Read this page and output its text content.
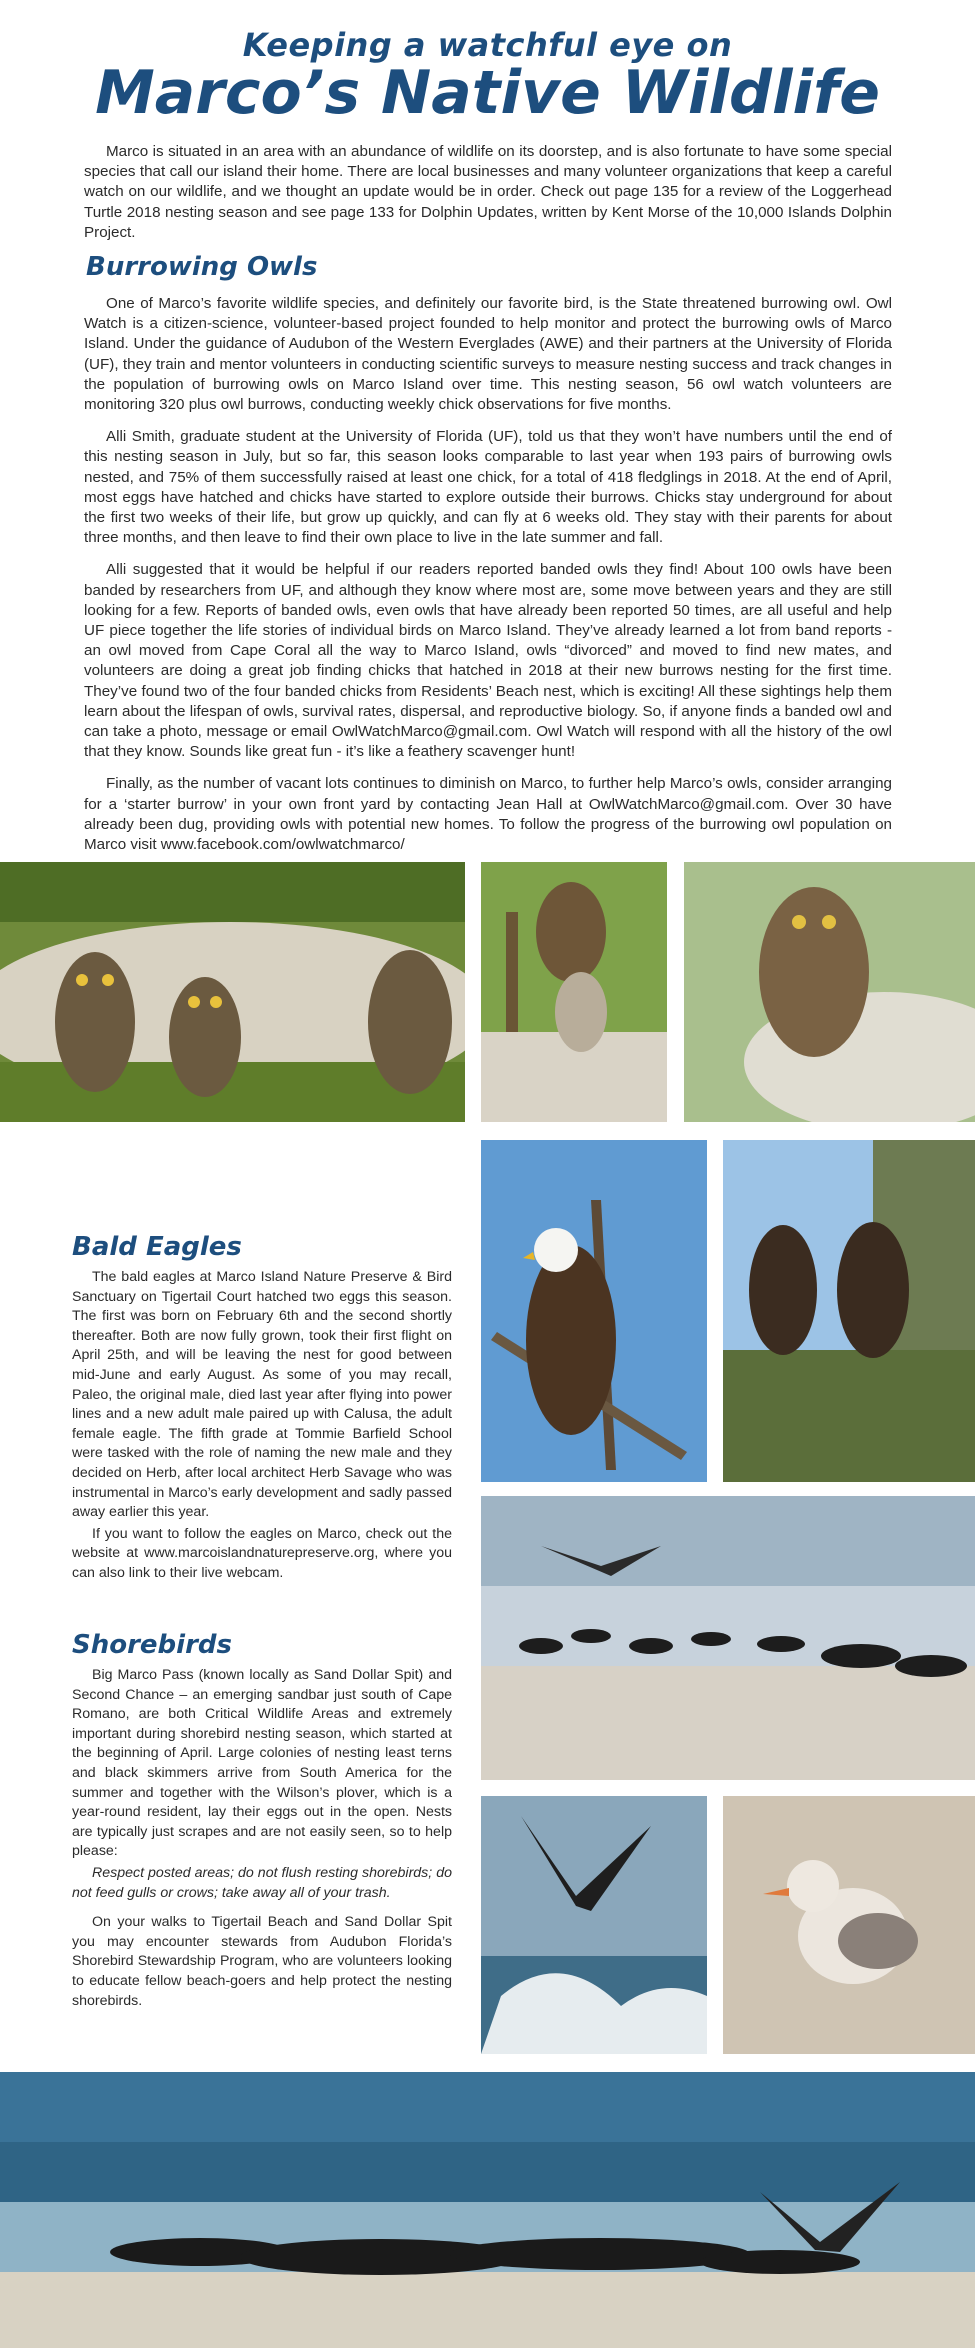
Keeping a watchful eye on
Marco’s Native Wildlife

Marco is situated in an area with an abundance of wildlife on its doorstep, and is also fortunate to have some special species that call our island their home. There are local businesses and many volunteer organizations that keep a careful watch on our wildlife, and we thought an update would be in order. Check out page 135 for a review of the Loggerhead Turtle 2018 nesting season and see page 133 for Dolphin Updates, written by Kent Morse of the 10,000 Islands Dolphin Project.

Burrowing Owls

One of Marco’s favorite wildlife species, and definitely our favorite bird, is the State threatened burrowing owl. Owl Watch is a citizen-science, volunteer-based project founded to help monitor and protect the burrowing owls of Marco Island. Under the guidance of Audubon of the Western Everglades (AWE) and their partners at the University of Florida (UF), they train and mentor volunteers in conducting scientific surveys to measure nesting success and track changes in the population of burrowing owls on Marco Island over time. This nesting season, 56 owl watch volunteers are monitoring 320 plus owl burrows, conducting weekly chick observations for five months.

Alli Smith, graduate student at the University of Florida (UF), told us that they won’t have numbers until the end of this nesting season in July, but so far, this season looks comparable to last year when 193 pairs of burrowing owls nested, and 75% of them successfully raised at least one chick, for a total of 418 fledglings in 2018. At the end of April, most eggs have hatched and chicks have started to explore outside their burrows. Chicks stay underground for about the first two weeks of their life, but grow up quickly, and can fly at 6 weeks old. They stay with their parents for about three months, and then leave to find their own place to live in the late summer and fall.

Alli suggested that it would be helpful if our readers reported banded owls they find! About 100 owls have been banded by researchers from UF, and although they know where most are, some move between years and they are still looking for a few. Reports of banded owls, even owls that have already been reported 50 times, are all useful and help UF piece together the life stories of individual birds on Marco Island. They’ve already learned a lot from band reports - an owl moved from Cape Coral all the way to Marco Island, owls “divorced” and moved to find new mates, and volunteers are doing a great job finding chicks that hatched in 2018 at their new burrows nesting for the first time. They’ve found two of the four banded chicks from Residents’ Beach nest, which is exciting! All these sightings help them learn about the lifespan of owls, survival rates, dispersal, and reproductive biology. So, if anyone finds a banded owl and can take a photo, message or email OwlWatchMarco@gmail.com. Owl Watch will respond with all the history of the owl that they know. Sounds like great fun - it’s like a feathery scavenger hunt!

Finally, as the number of vacant lots continues to diminish on Marco, to further help Marco’s owls, consider arranging for a ‘starter burrow’ in your own front yard by contacting Jean Hall at OwlWatchMarco@gmail.com. Over 30 have already been dug, providing owls with potential new homes. To follow the progress of the burrowing owl population on Marco visit www.facebook.com/owlwatchmarco/

Bald Eagles

The bald eagles at Marco Island Nature Preserve & Bird Sanctuary on Tigertail Court hatched two eggs this season. The first was born on February 6th and the second shortly thereafter. Both are now fully grown, took their first flight on April 25th, and will be leaving the nest for good between mid-June and early August. As some of you may recall, Paleo, the original male, died last year after flying into power lines and a new adult male paired up with Calusa, the adult female eagle. The fifth grade at Tommie Barfield School were tasked with the role of naming the new male and they decided on Herb, after local architect Herb Savage who was instrumental in Marco’s early development and sadly passed away earlier this year.

If you want to follow the eagles on Marco, check out the website at www.marcoislandnaturepreserve.org, where you can also link to their live webcam.

Shorebirds

Big Marco Pass (known locally as Sand Dollar Spit) and Second Chance – an emerging sandbar just south of Cape Romano, are both Critical Wildlife Areas and extremely important during shorebird nesting season, which started at the beginning of April. Large colonies of nesting least terns and black skimmers arrive from South America for the summer and together with the Wilson’s plover, which is a year-round resident, lay their eggs out in the open. Nests are typically just scrapes and are not easily seen, so to help please:

Respect posted areas; do not flush resting shorebirds; do not feed gulls or crows; take away all of your trash.

On your walks to Tigertail Beach and Sand Dollar Spit you may encounter stewards from Audubon Florida’s Shorebird Stewardship Program, who are volunteers looking to educate fellow beach-goers and help protect the nesting shorebirds.
